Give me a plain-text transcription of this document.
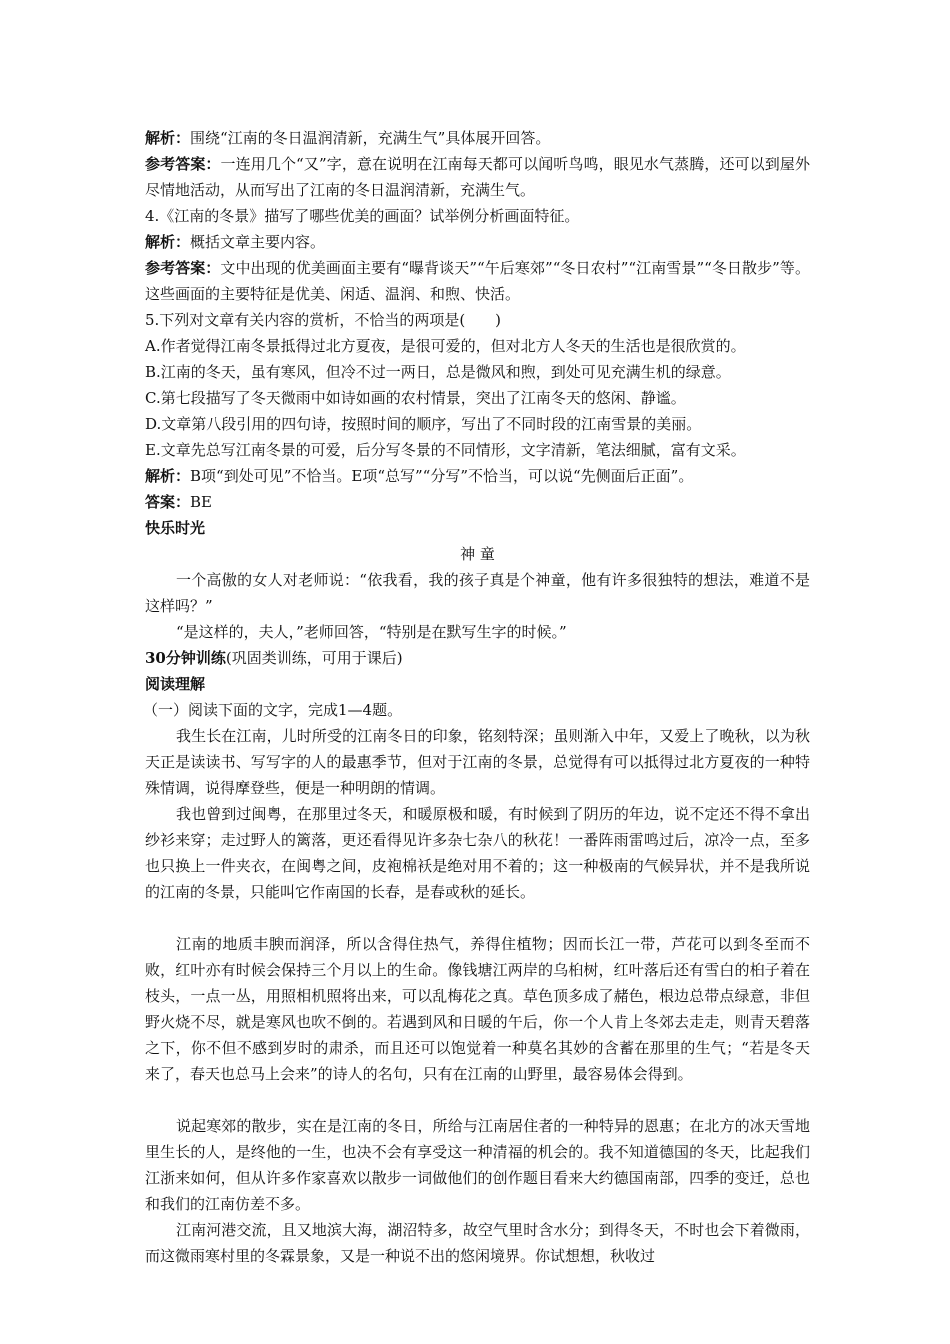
解析：围绕“江南的冬日温润清新，充满生气”具体展开回答。
参考答案：一连用几个“又”字，意在说明在江南每天都可以闻听鸟鸣，眼见水气蒸腾，还可以到屋外尽情地活动，从而写出了江南的冬日温润清新，充满生气。
4.《江南的冬景》描写了哪些优美的画面？试举例分析画面特征。
解析：概括文章主要内容。
参考答案：文中出现的优美画面主要有“曝背谈天”“午后寒郊”“冬日农村”“江南雪景”“冬日散步”等。这些画面的主要特征是优美、闲适、温润、和煦、快活。
5.下列对文章有关内容的赏析，不恰当的两项是(　　)
A.作者觉得江南冬景抵得过北方夏夜，是很可爱的，但对北方人冬天的生活也是很欣赏的。
B.江南的冬天，虽有寒风，但冷不过一两日，总是微风和煦，到处可见充满生机的绿意。
C.第七段描写了冬天微雨中如诗如画的农村情景，突出了江南冬天的悠闲、静谧。
D.文章第八段引用的四句诗，按照时间的顺序，写出了不同时段的江南雪景的美丽。
E.文章先总写江南冬景的可爱，后分写冬景的不同情形，文字清新，笔法细腻，富有文采。
解析：B项“到处可见”不恰当。E项“总写”“分写”不恰当，可以说“先侧面后正面”。
答案：BE
快乐时光
神 童
一个高傲的女人对老师说：“依我看，我的孩子真是个神童，他有许多很独特的想法，难道不是这样吗？”
“是这样的，夫人，”老师回答，“特别是在默写生字的时候。”
30分钟训练(巩固类训练，可用于课后)
阅读理解
（一）阅读下面的文字，完成1—4题。
我生长在江南，儿时所受的江南冬日的印象，铭刻特深；虽则渐入中年，又爱上了晚秋，以为秋天正是读读书、写写字的人的最惠季节，但对于江南的冬景，总觉得有可以抵得过北方夏夜的一种特殊情调，说得摩登些，便是一种明朗的情调。
我也曾到过闽粤，在那里过冬天，和暖原极和暖，有时候到了阴历的年边，说不定还不得不拿出纱衫来穿；走过野人的篱落，更还看得见许多杂七杂八的秋花！一番阵雨雷鸣过后，凉冷一点，至多也只换上一件夹衣，在闽粤之间，皮袍棉袄是绝对用不着的；这一种极南的气候异状，并不是我所说的江南的冬景，只能叫它作南国的长春，是春或秋的延长。
江南的地质丰腴而润泽，所以含得住热气，养得住植物；因而长江一带，芦花可以到冬至而不败，红叶亦有时候会保持三个月以上的生命。像钱塘江两岸的乌桕树，红叶落后还有雪白的桕子着在枝头，一点一丛，用照相机照将出来，可以乱梅花之真。草色顶多成了赭色，根边总带点绿意，非但野火烧不尽，就是寒风也吹不倒的。若遇到风和日暖的午后，你一个人肯上冬郊去走走，则青天碧落之下，你不但不感到岁时的肃杀，而且还可以饱觉着一种莫名其妙的含蓄在那里的生气；“若是冬天来了，春天也总马上会来”的诗人的名句，只有在江南的山野里，最容易体会得到。
说起寒郊的散步，实在是江南的冬日，所给与江南居住者的一种特异的恩惠；在北方的冰天雪地里生长的人，是终他的一生，也决不会有享受这一种清福的机会的。我不知道德国的冬天，比起我们江浙来如何，但从许多作家喜欢以散步一词做他们的创作题目看来大约德国南部，四季的变迁，总也和我们的江南仿差不多。
江南河港交流，且又地滨大海，湖沼特多，故空气里时含水分；到得冬天，不时也会下着微雨，而这微雨寒村里的冬霖景象，又是一种说不出的悠闲境界。你试想想，秋收过
